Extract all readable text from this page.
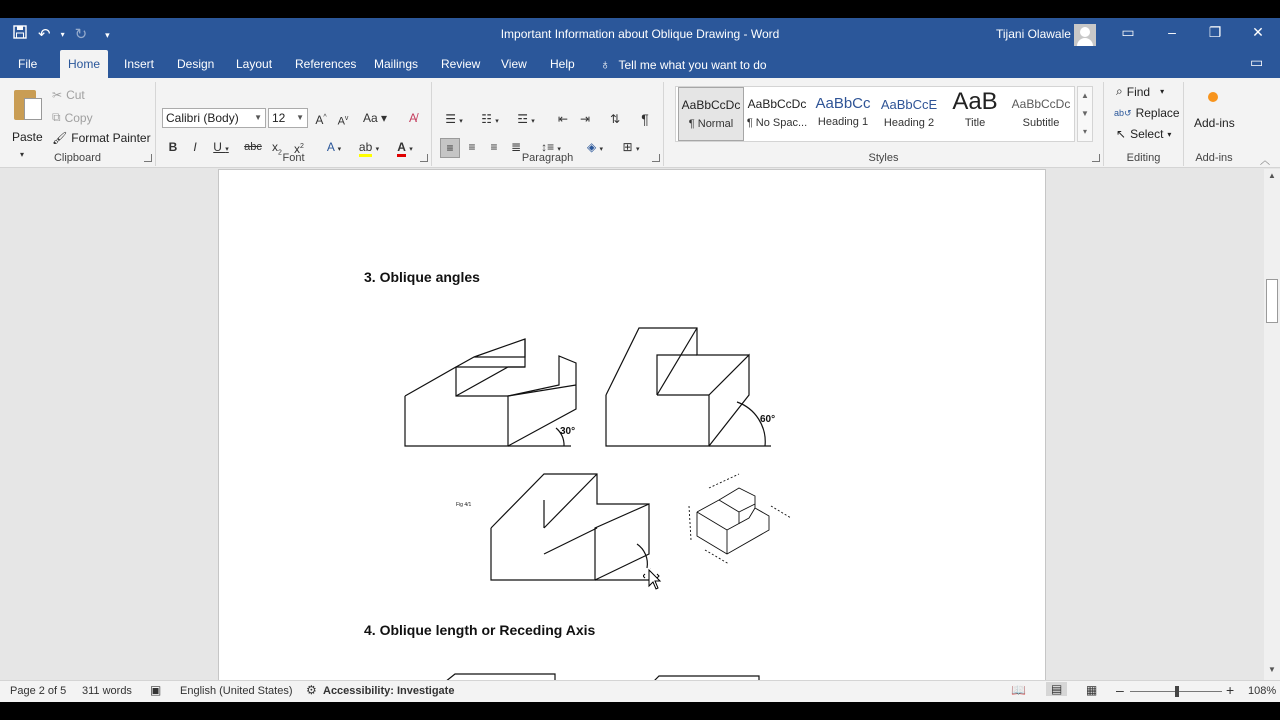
↶ ▾ ↻ ▾	Important Information about Oblique Drawing - Word	Tijani Olawale	▭	–	❐ ✕
File	Home	Insert	Design	Layout	References	Mailings	Review	View	Help	♁ Tell me what you want to do	▭
Paste
▾
✂ Cut
⧉ Copy
🖌 Format Painter
Clipboard
Calibri (Body) ▼ 12 ▼ A^ $A^v$ Aa ▾	A̸
B	I	U ▾	abc $x_2$	$x^2$	A ▾	ab ▾	A ▾
Font
☰ ▾	☷ ▾	☲ ▾	⇤ ⇥	⇅	¶
≡	≡	≡	≣	↕≡ ▾	◈ ▾	⊞ ▾
Paragraph	Styles
⌕ Find ▾
ab↺ Replace
↖ Select ▾
Editing
Add-ins
Add-ins	︿
AaBbCcDc
¶ Normal
AaBbCcDc
¶ No Spac...
AaBbCc
Heading 1
AaBbCcE
Heading 2
AaB
Title
AaBbCcDc
Subtitle
▲
▼
▾
3. Oblique angles
30°
60°
Fig 4/1
4. Oblique length or Receding Axis
▲
▼
Page 2 of 5 311 words ▣ English (United States) ⚙ Accessibility: Investigate	📖	▤	▦ –	+ 108%
